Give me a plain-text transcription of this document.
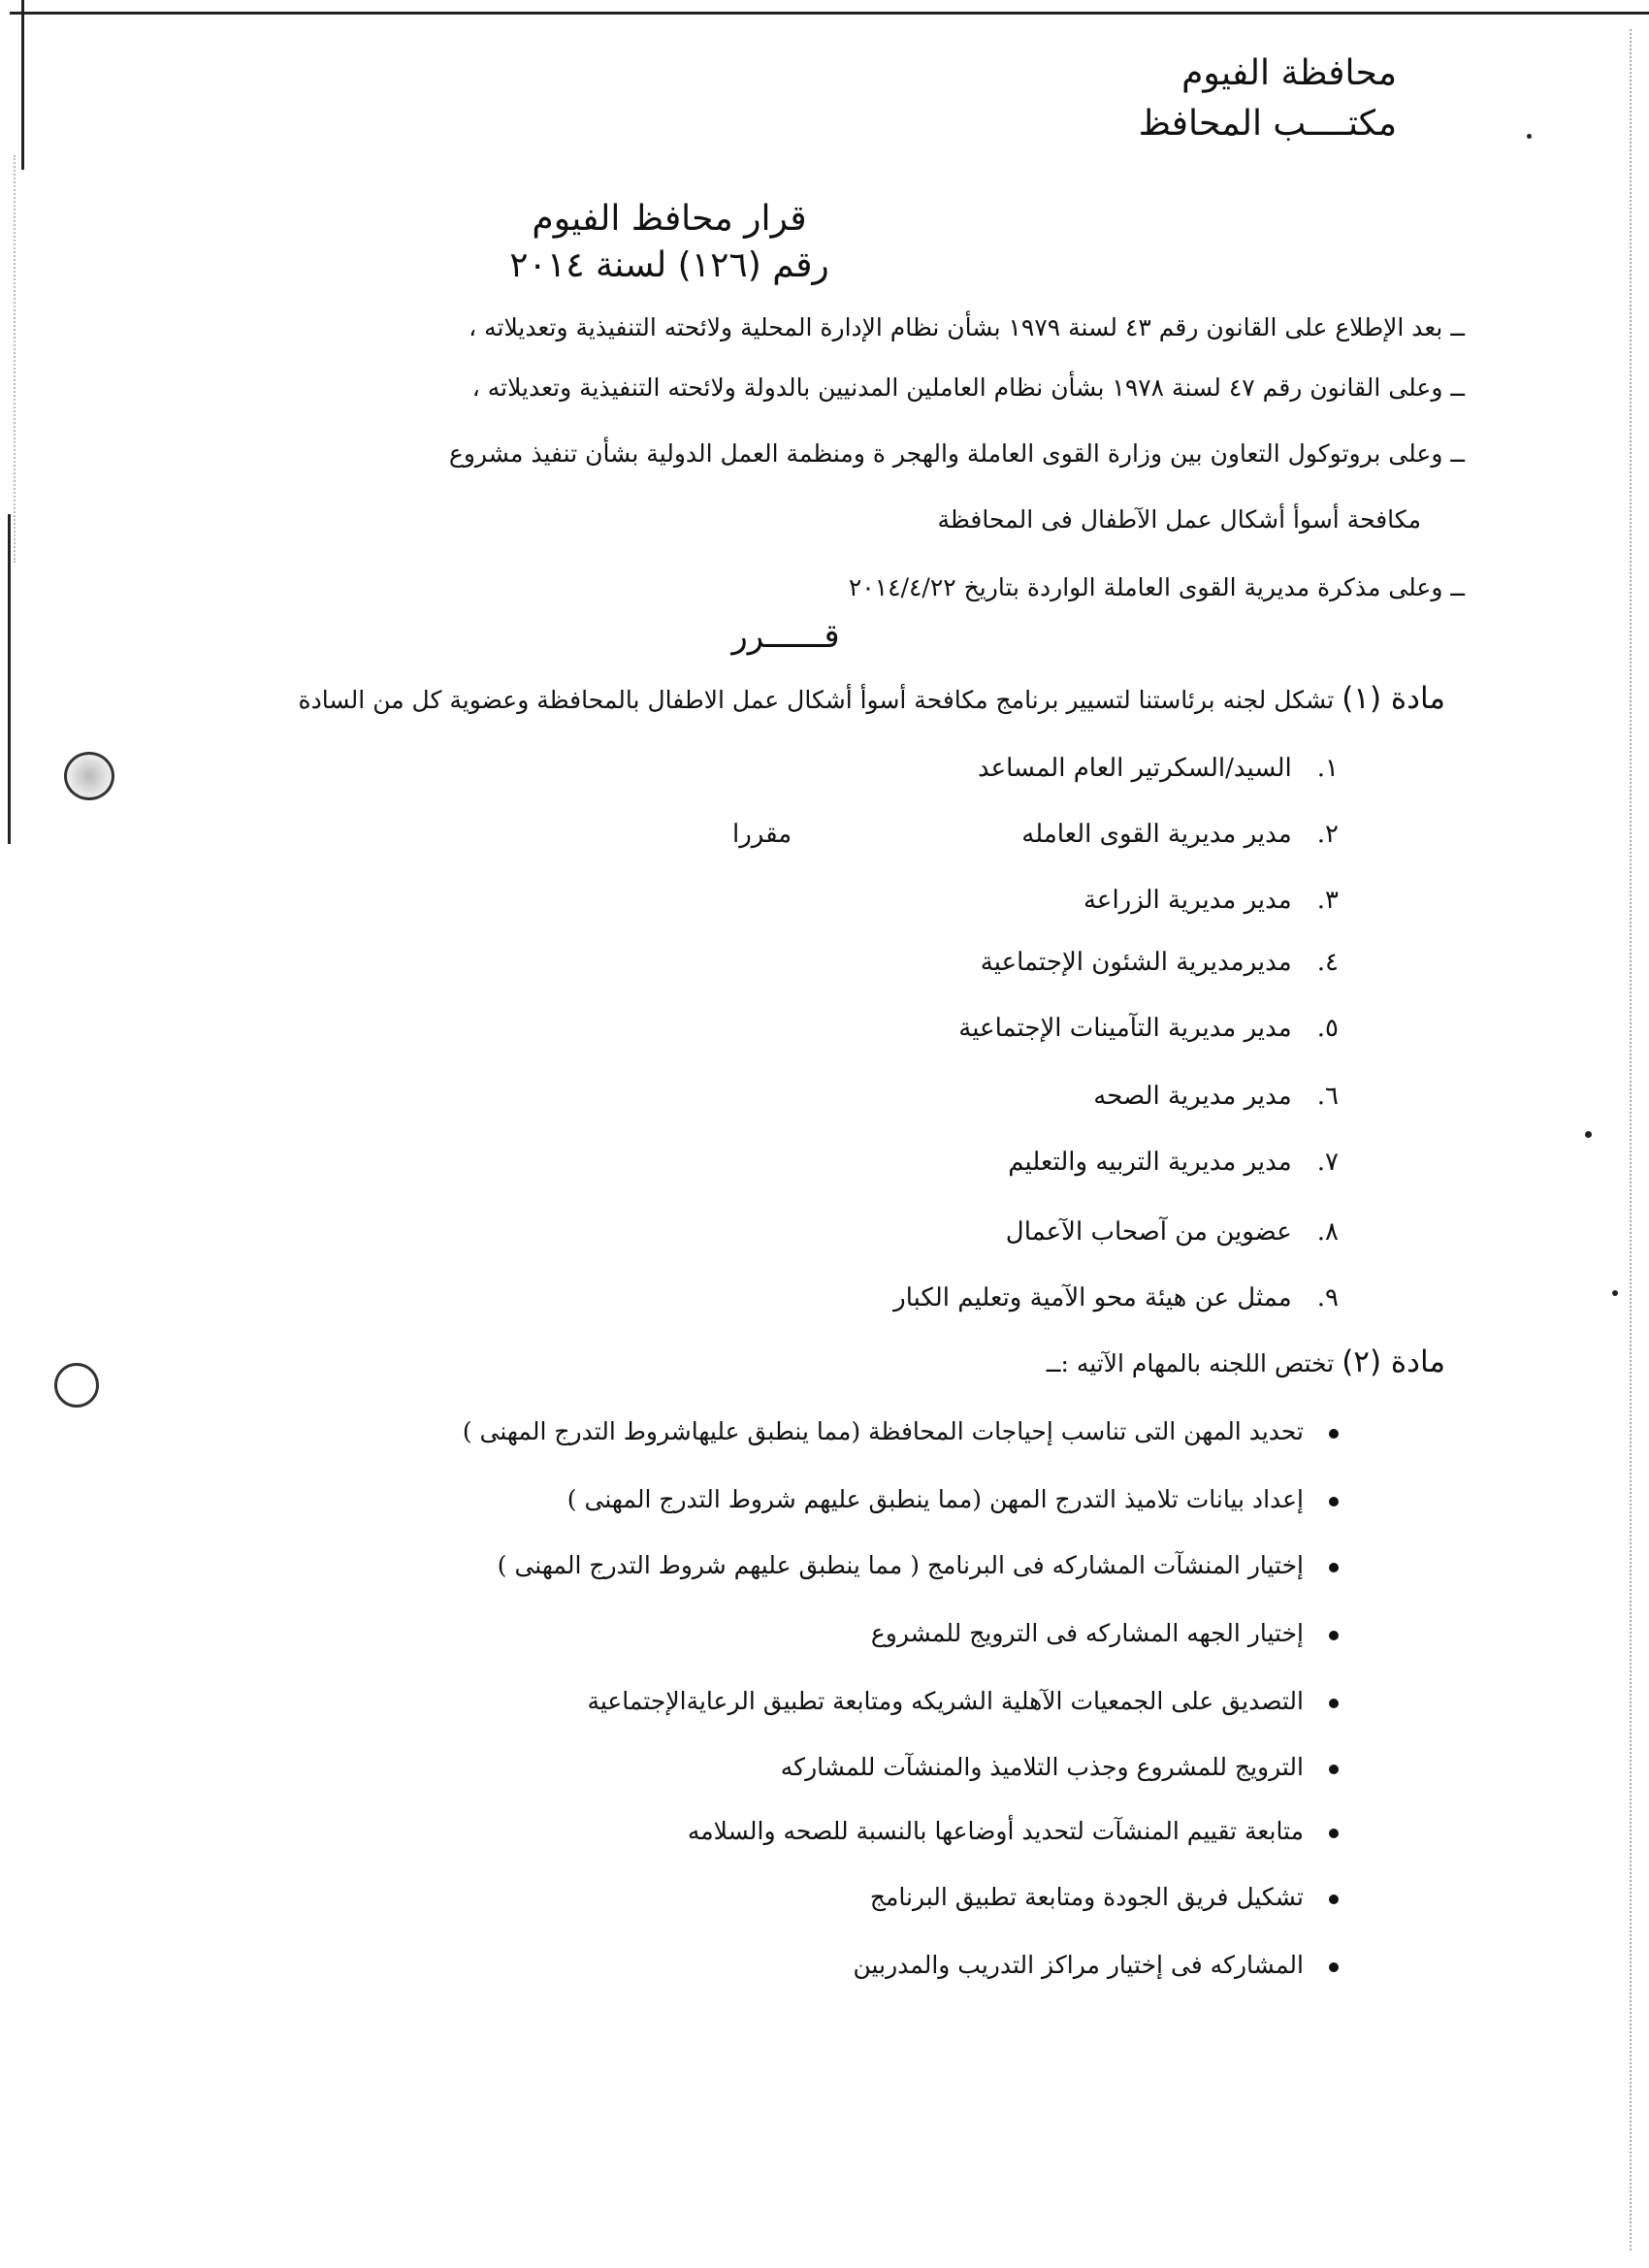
محافظة الفيوم
مكتــــب المحافظ
قرار محافظ الفيوم
رقم (١٢٦) لسنة ٢٠١٤
ــ بعد الإطلاع على القانون رقم ٤٣ لسنة ١٩٧٩ بشأن نظام الإدارة المحلية ولائحته التنفيذية وتعديلاته ،
ــ وعلى القانون رقم ٤٧ لسنة ١٩٧٨ بشأن نظام العاملين المدنيين بالدولة ولائحته التنفيذية وتعديلاته ،
ــ وعلى بروتوكول التعاون بين وزارة القوى العاملة والهجر ة ومنظمة العمل الدولية بشأن تنفيذ مشروع
مكافحة أسوأ أشكال عمل الآطفال فى المحافظة
ــ وعلى مذكرة مديرية القوى العاملة الواردة بتاريخ ٢٠١٤/٤/٢٢
قــــــرر
مادة (١) تشكل لجنه برئاستنا لتسيير برنامج مكافحة أسوأ أشكال عمل الاطفال بالمحافظة وعضوية كل من السادة
١. السيد/السكرتير العام المساعد
٢. مدير مديرية القوى العامله
مقررا
٣. مدير مديرية الزراعة
٤. مديرمديرية الشئون الإجتماعية
٥. مدير مديرية التآمينات الإجتماعية
٦. مدير مديرية الصحه
٧. مدير مديرية التربيه والتعليم
٨. عضوين من آصحاب الآعمال
٩. ممثل عن هيئة محو الآمية وتعليم الكبار
مادة (٢) تختص اللجنه بالمهام الآتيه :ــ
تحديد المهن التى تناسب إحياجات المحافظة (مما ينطبق عليهاشروط التدرج المهنى )
إعداد بيانات تلاميذ التدرج المهن (مما ينطبق عليهم شروط التدرج المهنى )
إختيار المنشآت المشاركه فى البرنامج ( مما ينطبق عليهم شروط التدرج المهنى )
إختيار الجهه المشاركه فى الترويج للمشروع
التصديق على الجمعيات الآهلية الشريكه ومتابعة تطبيق الرعايةالإجتماعية
الترويج للمشروع وجذب التلاميذ والمنشآت للمشاركه
متابعة تقييم المنشآت لتحديد أوضاعها بالنسبة للصحه والسلامه
تشكيل فريق الجودة ومتابعة تطبيق البرنامج
المشاركه فى إختيار مراكز التدريب والمدربين
